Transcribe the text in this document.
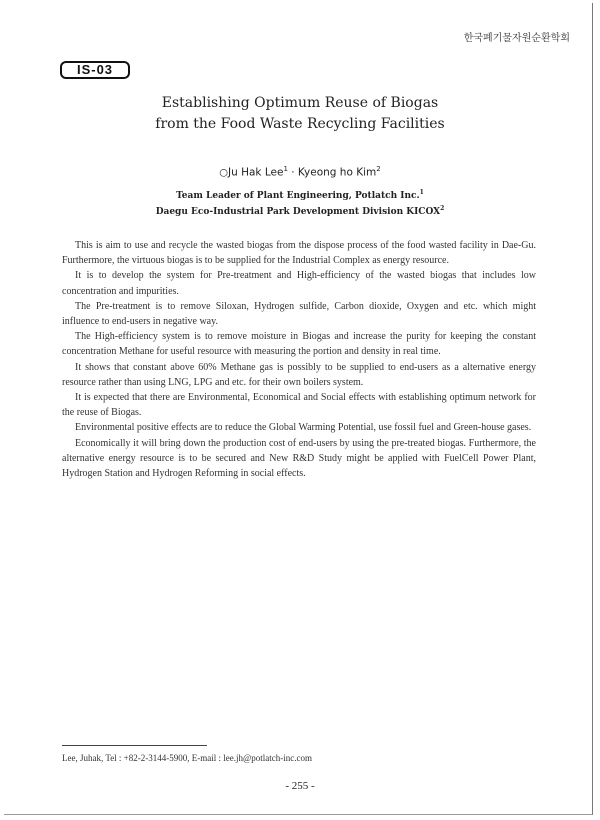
한국폐기물자원순환학회
IS-03
Establishing Optimum Reuse of Biogas
from the Food Waste Recycling Facilities
○Ju Hak Lee$^1$ · Kyeong ho Kim$^2$
Team Leader of Plant Engineering, Potlatch Inc.$^1$
Daegu Eco-Industrial Park Development Division KICOX$^2$

This is aim to use and recycle the wasted biogas from the dispose process of the food wasted facility in Dae-Gu. Furthermore, the virtuous biogas is to be supplied for the Industrial Complex as energy resource.

It is to develop the system for Pre-treatment and High-efficiency of the wasted biogas that includes low concentration and impurities.

The Pre-treatment is to remove Siloxan, Hydrogen sulfide, Carbon dioxide, Oxygen and etc. which might influence to end-users in negative way.

The High-efficiency system is to remove moisture in Biogas and increase the purity for keeping the constant concentration Methane for useful resource with measuring the portion and density in real time.

It shows that constant above 60% Methane gas is possibly to be supplied to end-users as a alternative energy resource rather than using LNG, LPG and etc. for their own boilers system.

It is expected that there are Environmental, Economical and Social effects with establishing optimum network for the reuse of Biogas.

Environmental positive effects are to reduce the Global Warming Potential, use fossil fuel and Green-house gases.

Economically it will bring down the production cost of end-users by using the pre-treated biogas. Furthermore, the alternative energy resource is to be secured and New R&D Study might be applied with FuelCell Power Plant, Hydrogen Station and Hydrogen Reforming in social effects.

Lee, Juhak, Tel : +82-2-3144-5900, E-mail : lee.jh@potlatch-inc.com
- 255 -
